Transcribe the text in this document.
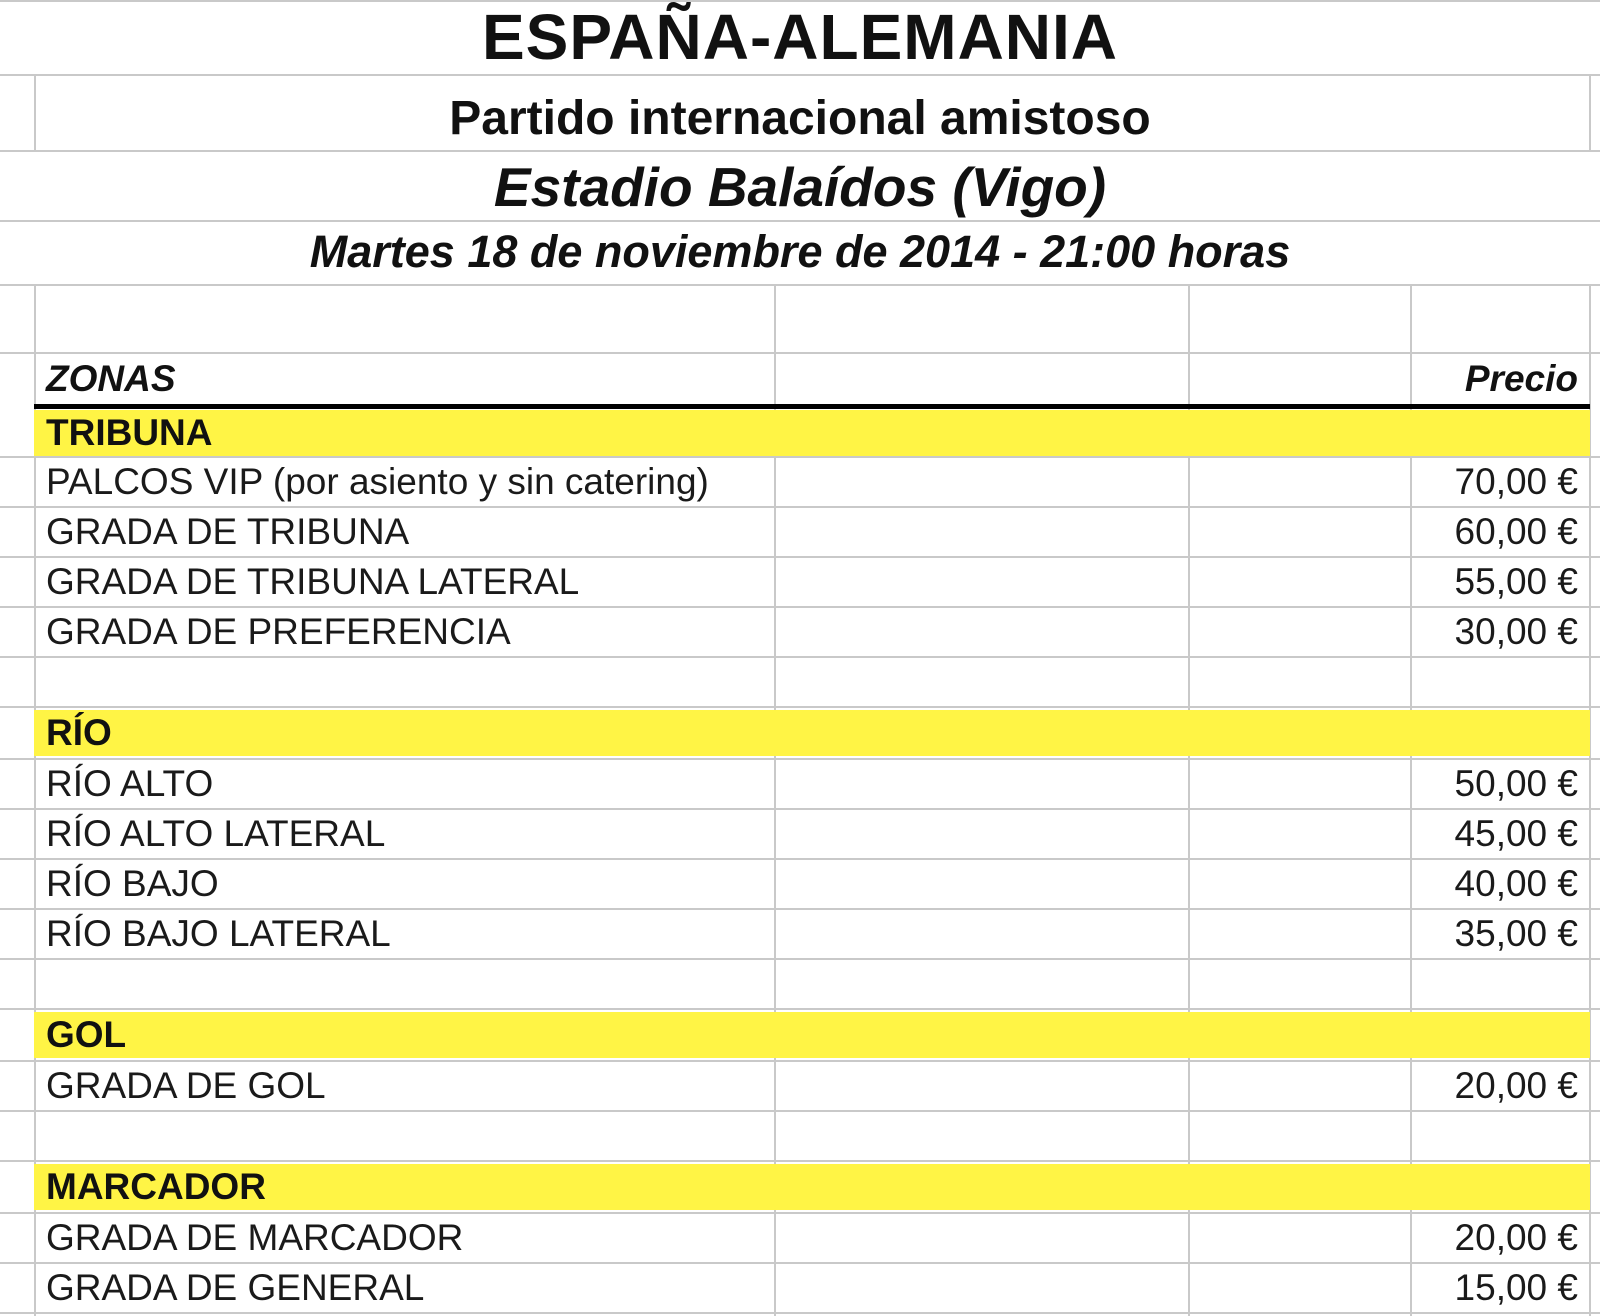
ESPAÑA-ALEMANIA
Partido internacional amistoso
Estadio Balaídos (Vigo)
Martes 18 de noviembre de 2014 - 21:00 horas
ZONAS	Precio
TRIBUNA
PALCOS VIP (por asiento y sin catering)	70,00 €
GRADA DE TRIBUNA	60,00 €
GRADA DE TRIBUNA LATERAL	55,00 €
GRADA DE PREFERENCIA	30,00 €
RÍO
RÍO ALTO	50,00 €
RÍO ALTO LATERAL	45,00 €
RÍO BAJO	40,00 €
RÍO BAJO LATERAL	35,00 €
GOL
GRADA DE GOL	20,00 €
MARCADOR
GRADA DE MARCADOR	20,00 €
GRADA DE GENERAL	15,00 €
